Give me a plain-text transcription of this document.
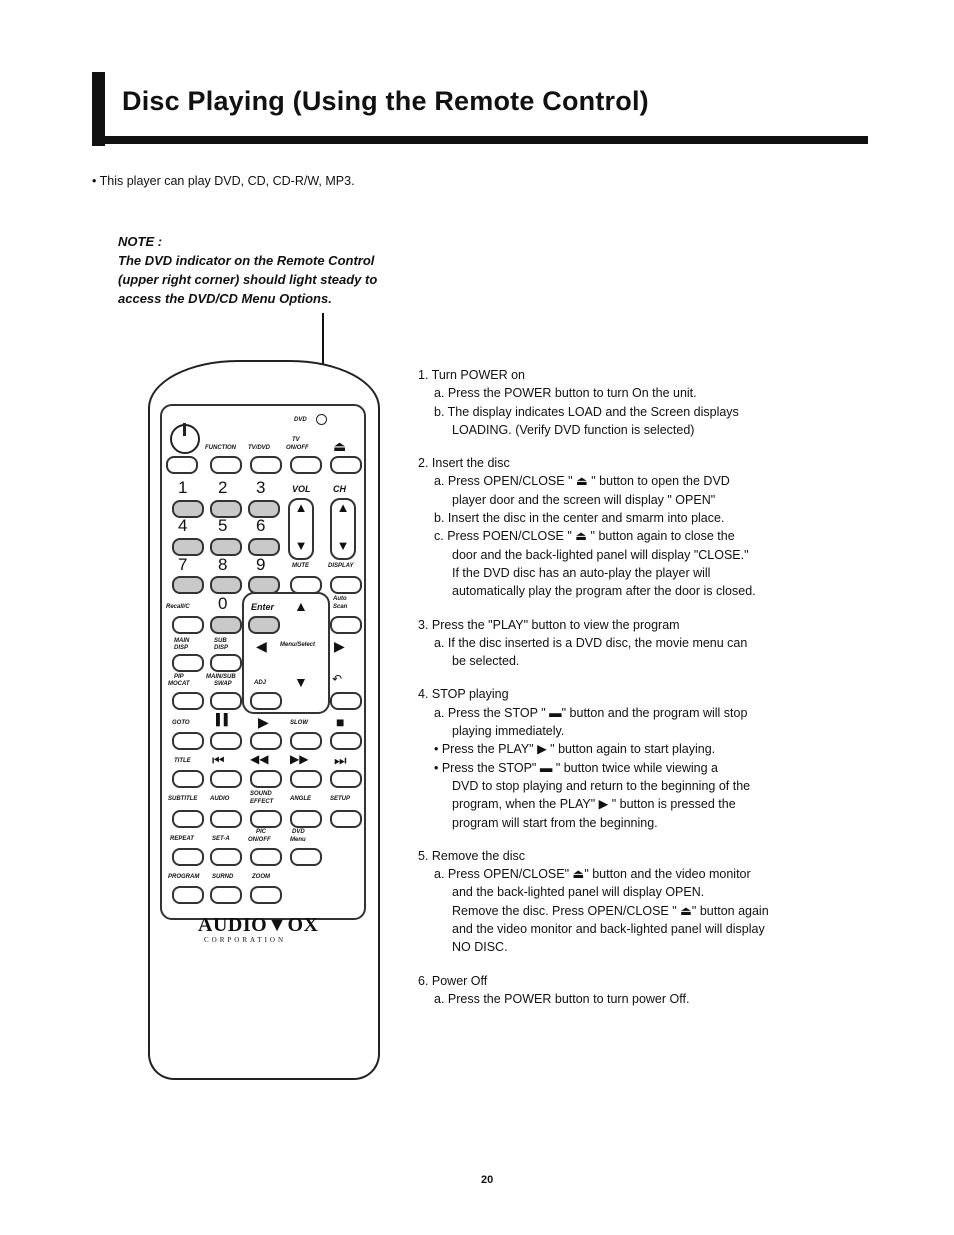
Disc Playing (Using the Remote Control)
• This player can play DVD, CD, CD-R/W, MP3.
NOTE :
The DVD indicator on the Remote Control
(upper right corner) should light steady to
access the DVD/CD Menu Options.
DVD
FUNCTION TV/DVD
TV
ON/OFF ⏏
1 2 3	VOL CH
▲
▼
▲
▼
4 5 6
7 8 9	MUTE	DISPLAY
Recall/C 0	Enter
Auto
Scan
▲
◀ Menu/Select ▶
▼
MAIN
DISP
SUB
DISP
PIP
MOCAT
MAIN/SUB
SWAP	ADJ	↶
GOTO ▌▌ ▶	SLOW ■
TITLE ⏮ ◀◀ ▶▶ ⏭
SUBTITLE AUDIO
SOUND
EFFECT	ANGLE	SETUP
REPEAT	SET-A
PIC
ON/OFF
DVD
Menu
PROGRAM SURND	ZOOM
AUDIO▼OX
CORPORATION
1. Turn POWER on
a. Press the POWER button to turn On the unit.
b. The display indicates LOAD and the Screen displays
LOADING. (Verify DVD function is selected)
2. Insert the disc
a. Press OPEN/CLOSE " ⏏ " button to open the DVD
player door and the screen will display " OPEN"
b. Insert the disc in the center and smarm into place.
c. Press POEN/CLOSE " ⏏ " button again to close the
door and the back-lighted panel will display "CLOSE."
If the DVD disc has an auto-play the player will
automatically play the program after the door is closed.
3. Press the "PLAY" button to view the program
a. If the disc inserted is a DVD disc, the movie menu can
be selected.
4. STOP playing
a. Press the STOP " ▬" button and the program will stop
playing immediately.
• Press the PLAY" ▶ " button again to start playing.
• Press the STOP" ▬ " button twice while viewing a
DVD to stop playing and return to the beginning of the
program, when the PLAY" ▶ " button is pressed the
program will start from the beginning.
5. Remove the disc
a. Press OPEN/CLOSE" ⏏" button and the video monitor
and the back-lighted panel will display OPEN.
Remove the disc. Press OPEN/CLOSE " ⏏" button again
and the video monitor and back-lighted panel will display
NO DISC.
6. Power Off
a. Press the POWER button to turn power Off.
20
